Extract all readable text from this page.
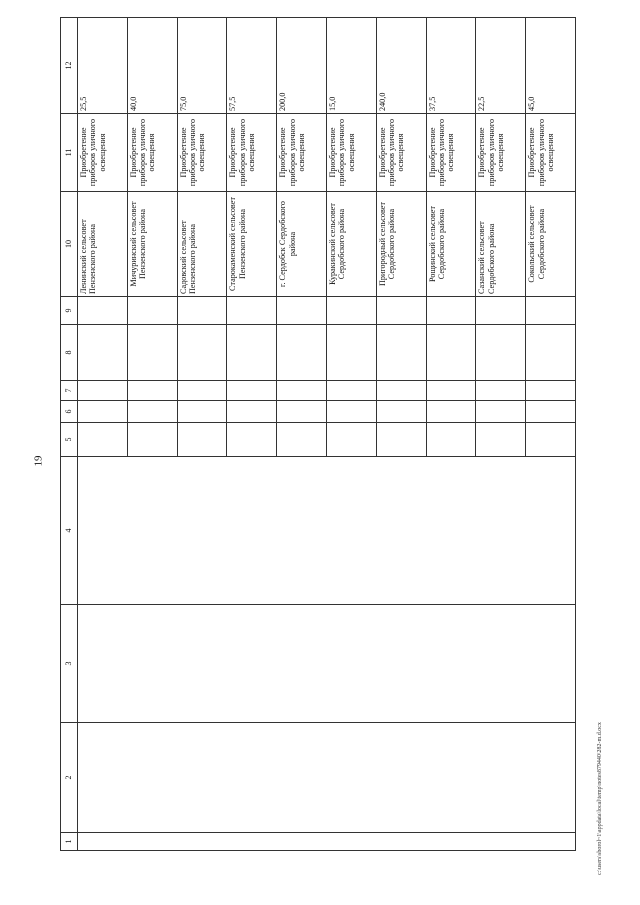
19
c:\users\sborol~1\appdata\local\temp\notes879440\282-m.d.ocx
1	2	3	4	5	6	7	8	9	10	11	12
									Ленинский сельсовет Пензенского района	Приобретение приборов уличного освещения	25,5
									Мичуринский сельсовет Пензенского района	Приобретение приборов уличного освещения	40,0
									Садовский сельсовет Пензенского района	Приобретение приборов уличного освещения	75,0
									Старокаменский сельсовет Пензенского района	Приобретение приборов уличного освещения	57,5
									г. Сердобск Сердобского района	Приобретение приборов уличного освещения	200,0
									Куракинский сельсовет Сердобского района	Приобретение приборов уличного освещения	15,0
									Пригородный сельсовет Сердобского района	Приобретение приборов уличного освещения	240,0
									Рощинский сельсовет Сердобского района	Приобретение приборов уличного освещения	37,5
									Сазанский сельсовет Сердобского района	Приобретение приборов уличного освещения	22,5
									Сокольский сельсовет Сердобского района	Приобретение приборов уличного освещения	45,0
